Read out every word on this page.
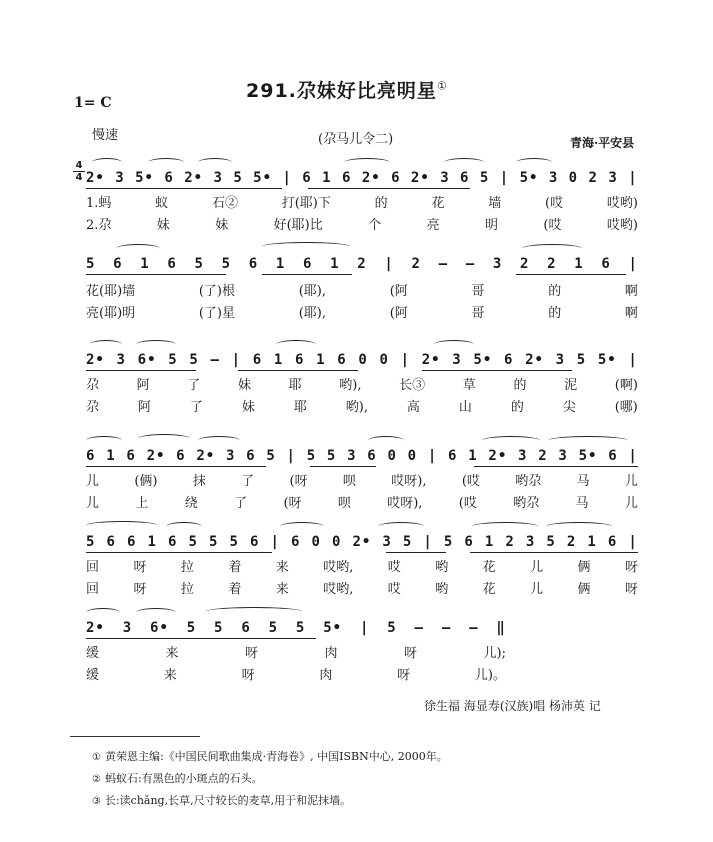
291.尕妹好比亮明星①
1= C
慢速	(尕马儿令二)	青海·平安县
4
4 2• 3 5• 6 2• 3 5 5• | 6 1 6 2• 6 2• 3 6 5 | 5• 3 0 2 3 |
1.蚂	蚁	石②	打(耶)下	的	花	墙	(哎	哎哟)
2.尕	妹	妹	好(耶)比	个	亮	明	(哎	哎哟)
5 6 1 6 5 5 6 1 6 1 2 | 2 – – 3 2 2 1 6 |
花(耶)墙	(了)根	(耶),	(阿	哥	的	啊
亮(耶)明	(了)星	(耶),	(阿	哥	的	啊
2• 3 6• 5 5 – | 6 1 6 1 6 0 0 | 2• 3 5• 6 2• 3 5 5• |
尕	阿	了	妹	耶	哟),	长③	草	的	泥	(啊)
尕	阿	了	妹	耶	哟),	高	山	的	尖	(哪)
6 1 6 2• 6 2• 3 6 5 | 5 5 3 6 0 0 | 6 1 2• 3 2 3 5• 6 |
儿	(俩)	抹	了	(呀	呗	哎呀),	(哎	哟尕	马	儿
儿	上	绕	了	(呀	呗	哎呀),	(哎	哟尕	马	儿
5 6 6 1 6 5 5 5 6 | 6 0 0 2• 3 5 | 5 6 1 2 3 5 2 1 6 |
回	呀	拉	着	来	哎哟,	哎	哟	花	儿	俩	呀
回	呀	拉	着	来	哎哟,	哎	哟	花	儿	俩	呀
2• 3 6• 5 5 6 5 5 5• | 5 – – – ‖
缓	来	呀	肉	呀	儿);
缓	来	呀	肉	呀	儿)。
徐生福 海显寿(汉族)唱 杨沛英 记
① 黄荣恩主编:《中国民间歌曲集成·青海卷》, 中国ISBN中心, 2000年。
② 蚂蚁石:有黑色的小斑点的石头。
③ 长:读chǎng,长草,尺寸较长的麦草,用于和泥抹墙。
